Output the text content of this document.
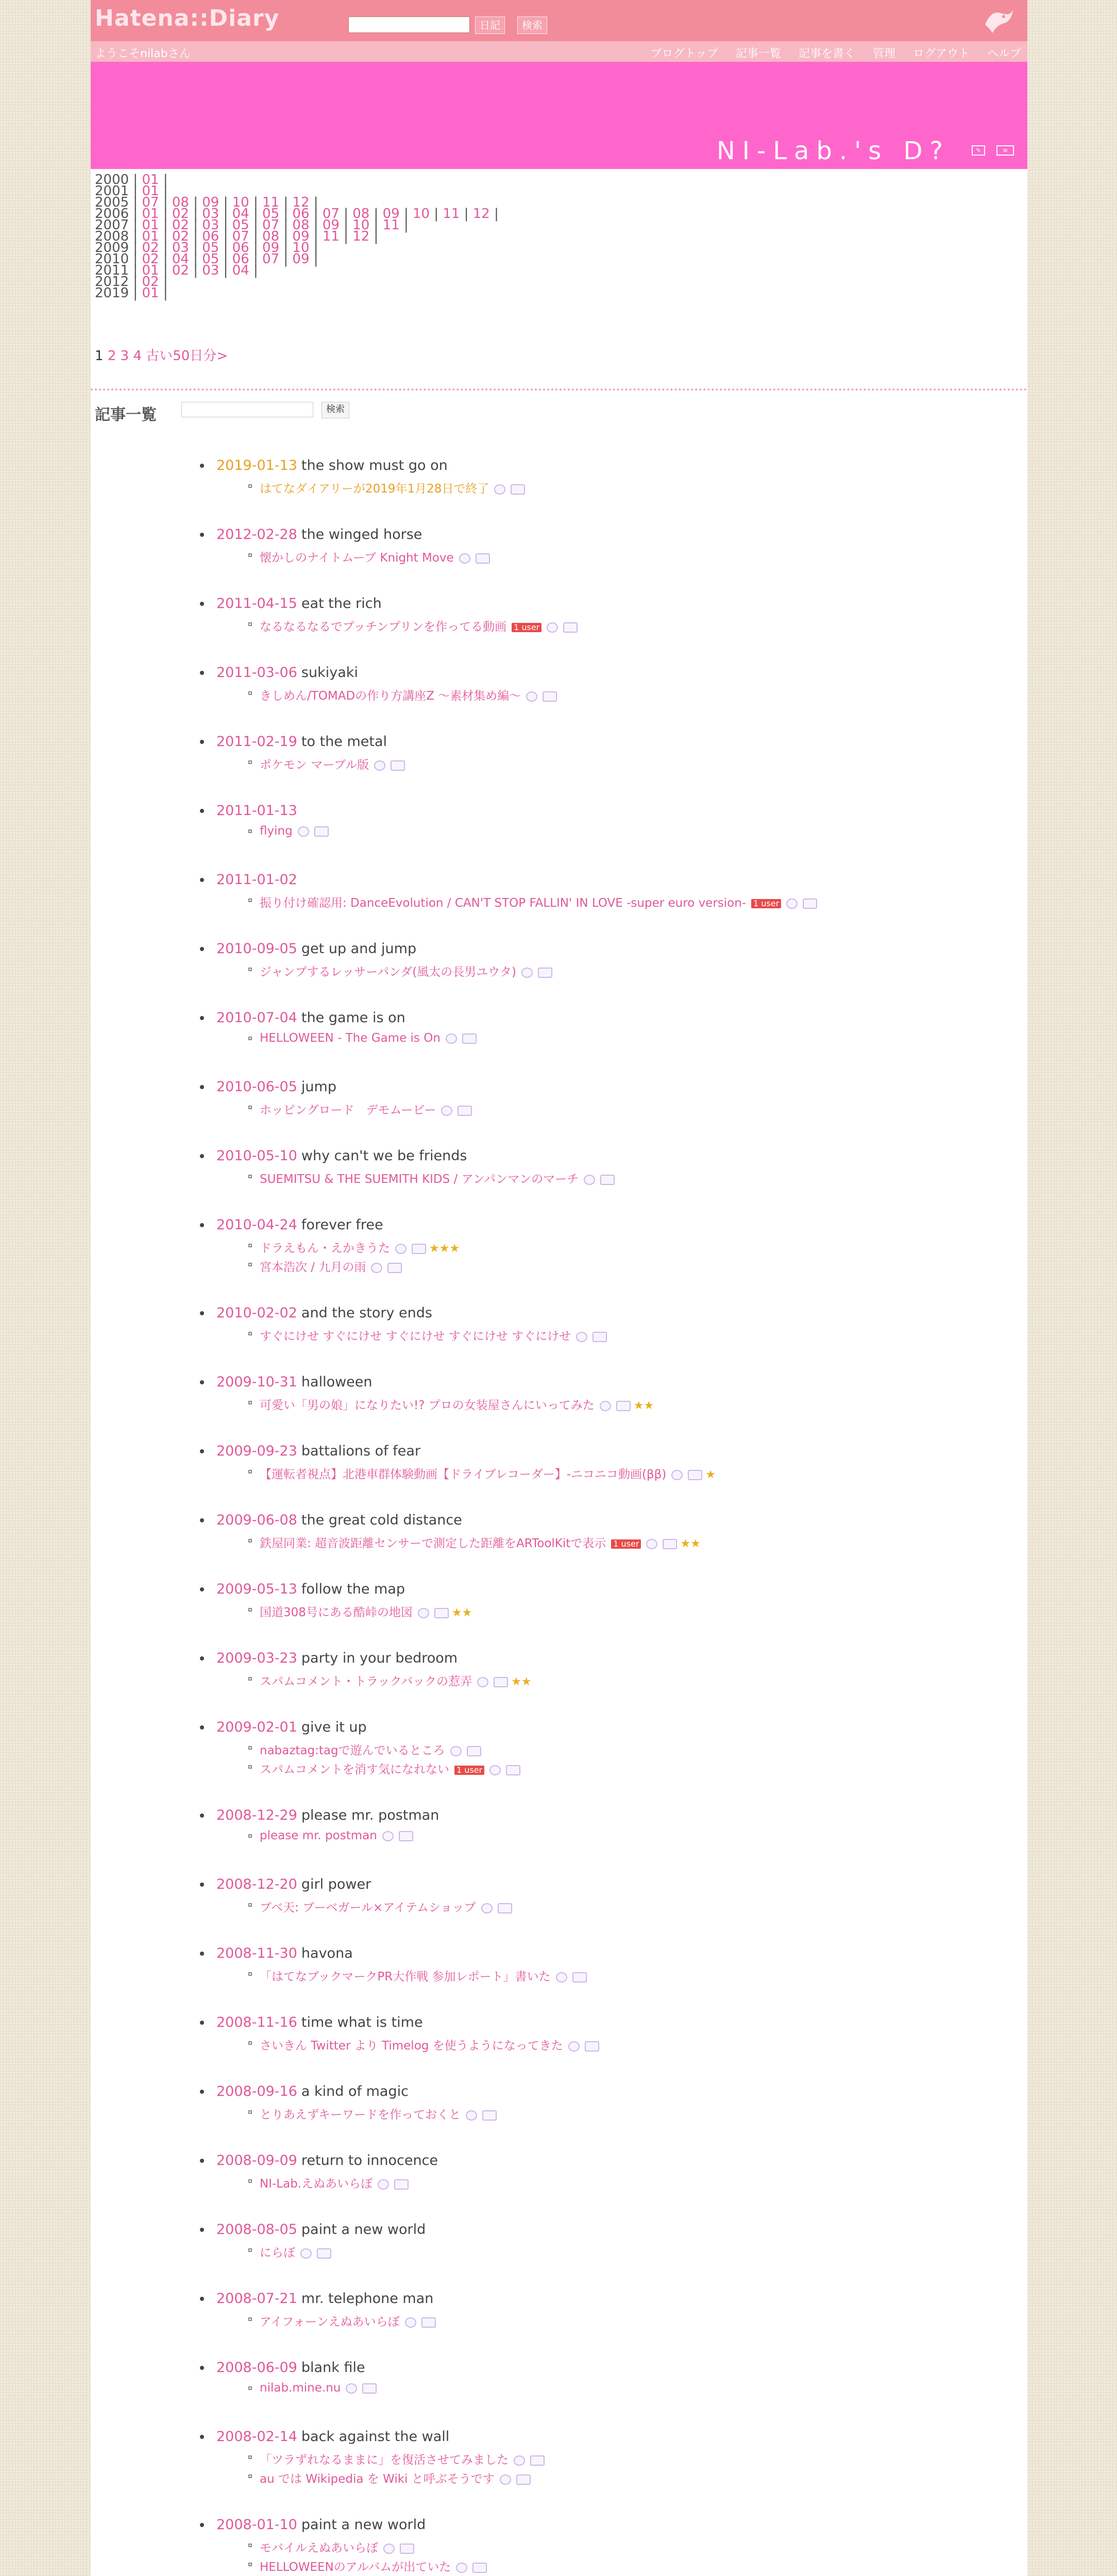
Hatena::Diary	日記	検索
ようこそnilabさん	ブログトップ 記事一覧 記事を書く 管理 ログアウト ヘルプ
NI-Lab.'s D?	✎	≋
2000 | 01 |
2001 | 01 |
2005 | 07 | 08 | 09 | 10 | 11 | 12 |
2006 | 01 | 02 | 03 | 04 | 05 | 06 | 07 | 08 | 09 | 10 | 11 | 12 |
2007 | 01 | 02 | 03 | 05 | 07 | 08 | 09 | 10 | 11 |
2008 | 01 | 02 | 06 | 07 | 08 | 09 | 11 | 12 |
2009 | 02 | 03 | 05 | 06 | 09 | 10 |
2010 | 02 | 04 | 05 | 06 | 07 | 09 |
2011 | 01 | 02 | 03 | 04 |
2012 | 02 |
2019 | 01 |
1 2 3 4 古い50日分>
記事一覧	検索
2019-01-13 the show must go on
はてなダイアリーが2019年1月28日で終了
2012-02-28 the winged horse
懐かしのナイトムーブ Knight Move
2011-04-15 eat the rich
なるなるなるでプッチンプリンを作ってる動画 1 user
2011-03-06 sukiyaki
きしめん/TOMADの作り方講座Z 〜素材集め編〜
2011-02-19 to the metal
ポケモン マーブル版
2011-01-13
flying
2011-01-02
振り付け確認用: DanceEvolution / CAN'T STOP FALLIN' IN LOVE -super euro version- 1 user
2010-09-05 get up and jump
ジャンプするレッサーパンダ(風太の長男ユウタ)
2010-07-04 the game is on
HELLOWEEN - The Game is On
2010-06-05 jump
ホッピングロード　デモムービー
2010-05-10 why can't we be friends
SUEMITSU & THE SUEMITH KIDS / アンパンマンのマーチ
2010-04-24 forever free
ドラえもん・えかきうた	★★★
宮本浩次 / 九月の雨
2010-02-02 and the story ends
すぐにけせ すぐにけせ すぐにけせ すぐにけせ すぐにけせ
2009-10-31 halloween
可愛い「男の娘」になりたい!? プロの女装屋さんにいってみた	★★
2009-09-23 battalions of fear
【運転者視点】北港車群体験動画【ドライブレコーダー】‐ニコニコ動画(ββ)	★
2009-06-08 the great cold distance
鉄屋同業: 超音波距離センサーで測定した距離をARToolKitで表示 1 user	★★
2009-05-13 follow the map
国道308号にある酷峠の地図	★★
2009-03-23 party in your bedroom
スパムコメント・トラックバックの惹弄	★★
2009-02-01 give it up
nabaztag:tagで遊んでいるところ
スパムコメントを消す気になれない 1 user
2008-12-29 please mr. postman
please mr. postman
2008-12-20 girl power
ブベ天: ブーベガール×アイテムショップ
2008-11-30 havona
「はてなブックマークPR大作戦 参加レポート」書いた
2008-11-16 time what is time
さいきん Twitter より Timelog を使うようになってきた
2008-09-16 a kind of magic
とりあえずキーワードを作っておくと
2008-09-09 return to innocence
NI-Lab.えぬあいらぼ
2008-08-05 paint a new world
にらぼ
2008-07-21 mr. telephone man
アイフォーンえぬあいらぼ
2008-06-09 blank file
nilab.mine.nu
2008-02-14 back against the wall
「ツラずれなるままに」を復活させてみました
au では Wikipedia を Wiki と呼ぶそうです
2008-01-10 paint a new world
モバイルえぬあいらぼ
HELLOWEENのアルバムが出ていた
